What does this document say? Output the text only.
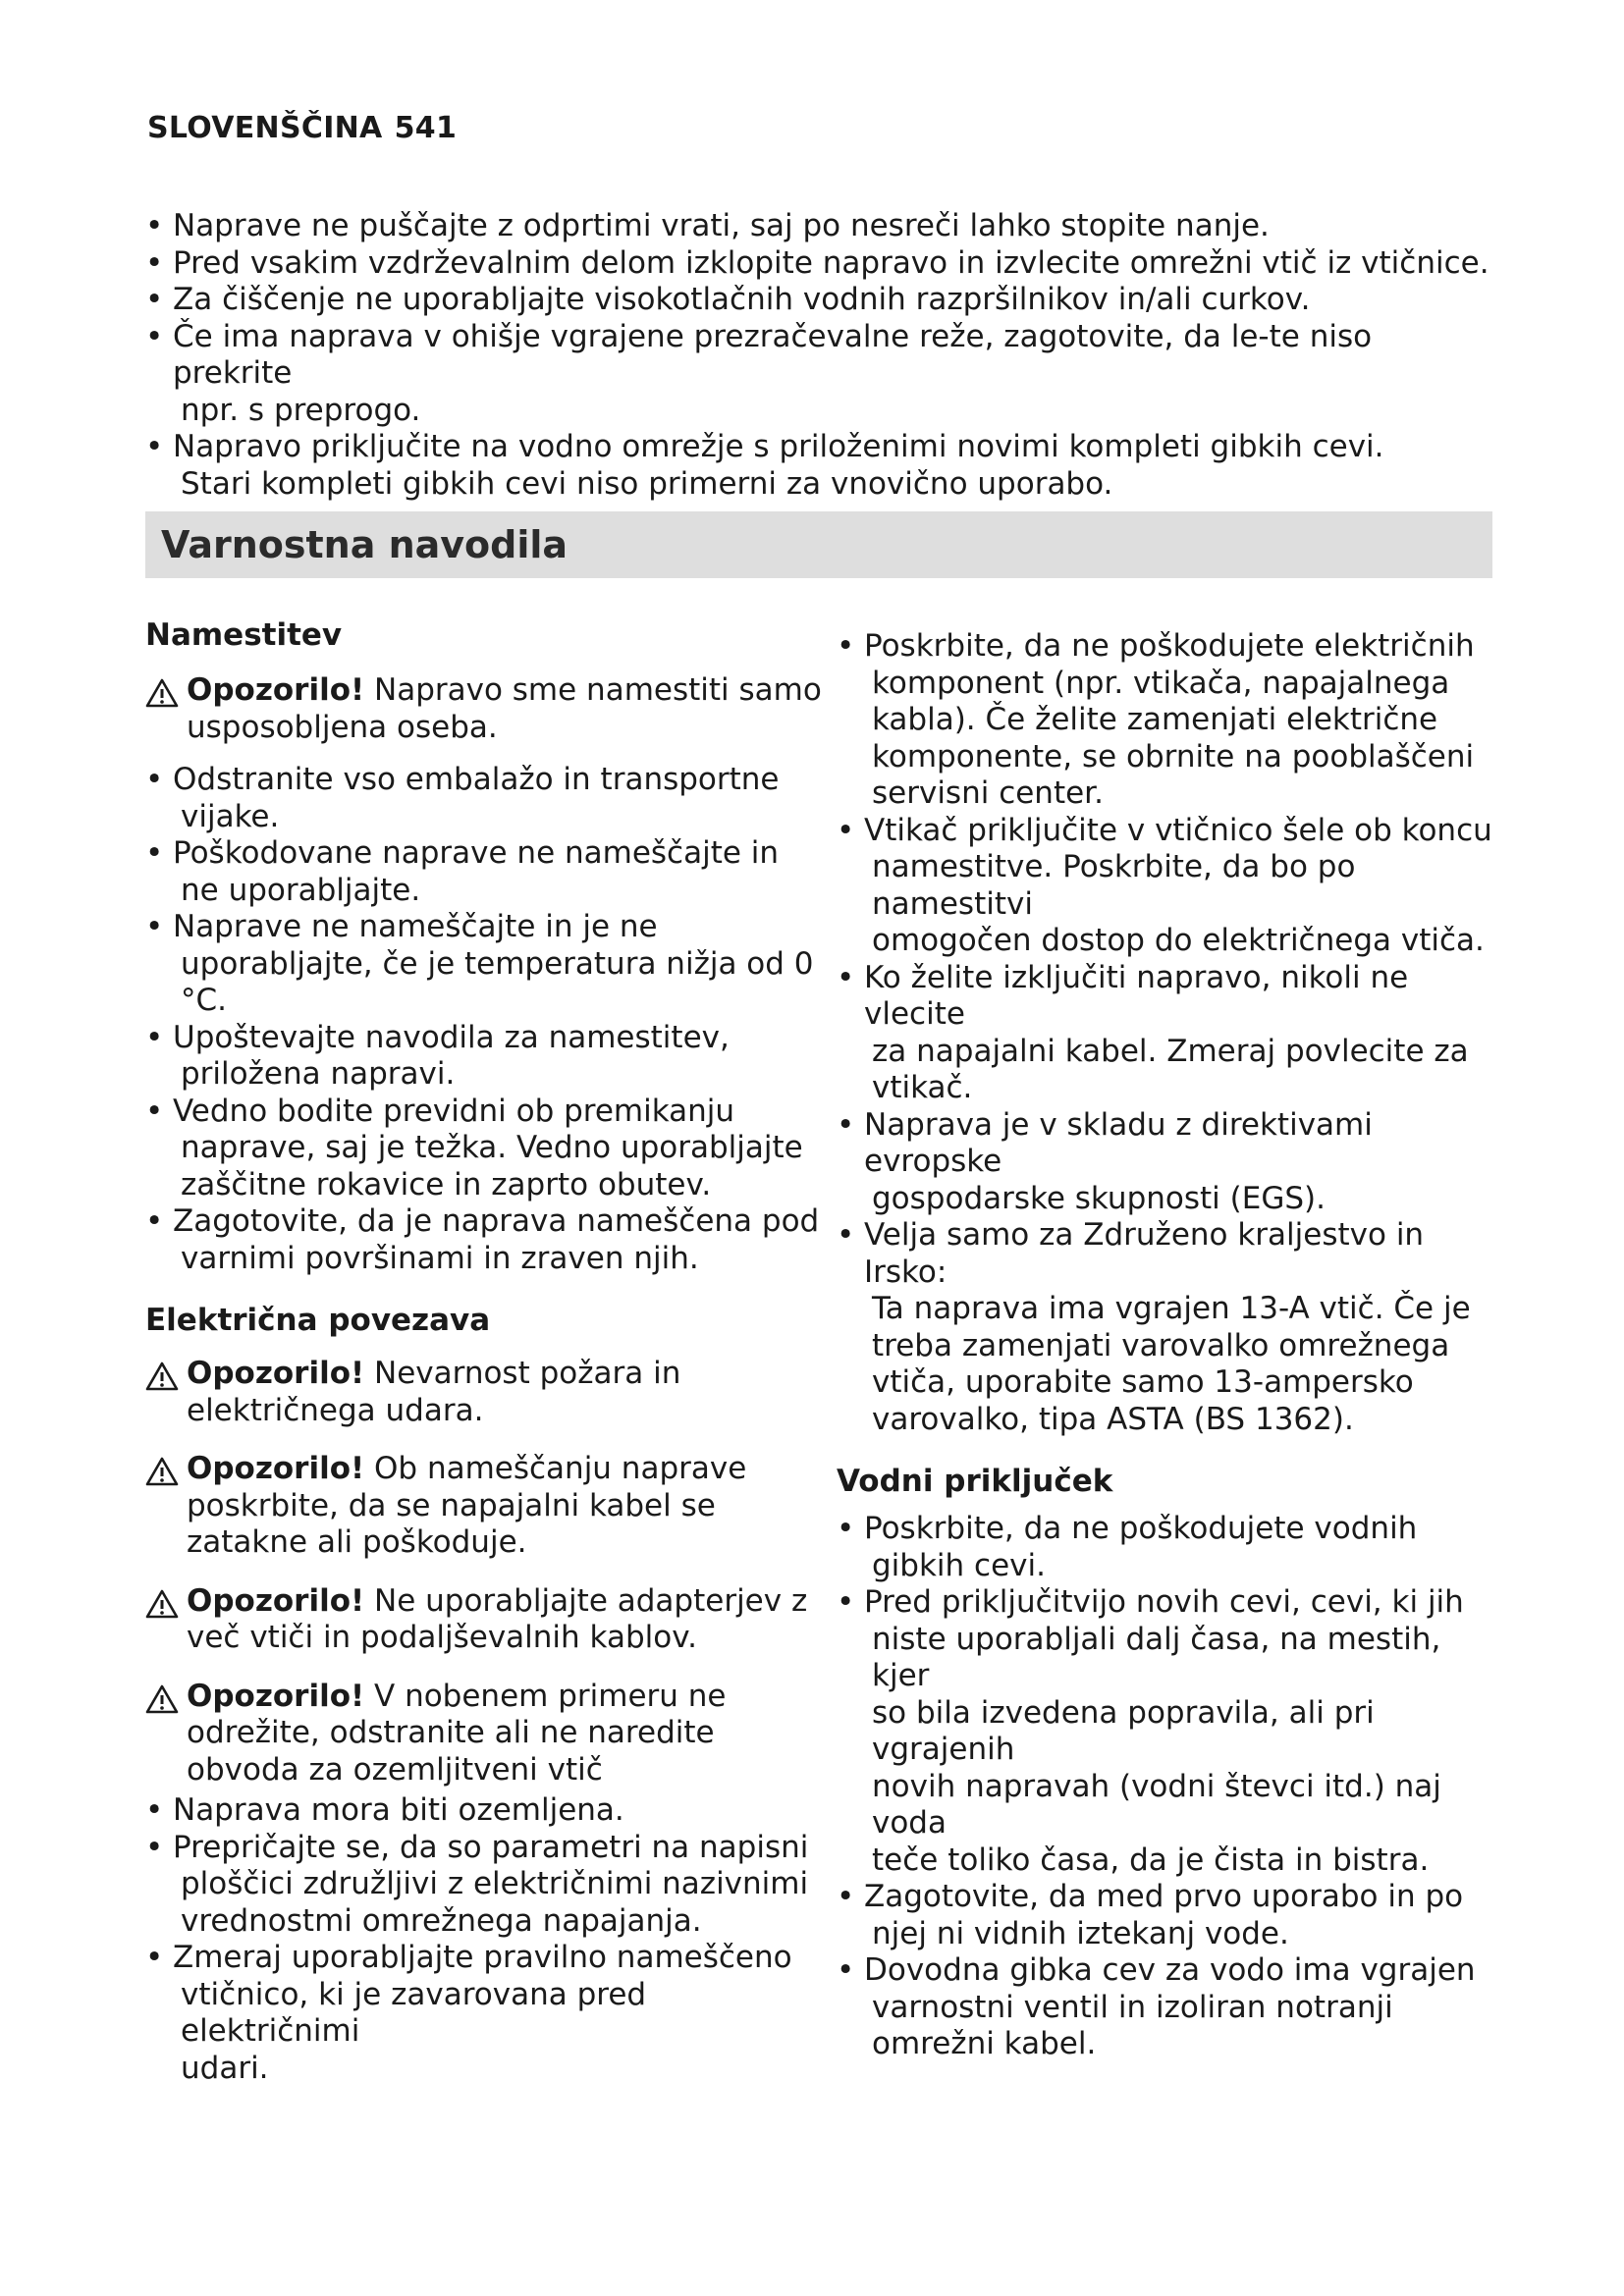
SLOVENŠČINA 541
• Naprave ne puščajte z odprtimi vrati, saj po nesreči lahko stopite nanje.
• Pred vsakim vzdrževalnim delom izklopite napravo in izvlecite omrežni vtič iz vtičnice.
• Za čiščenje ne uporabljajte visokotlačnih vodnih razpršilnikov in/ali curkov.
• Če ima naprava v ohišje vgrajene prezračevalne reže, zagotovite, da le-te niso prekrite
npr. s preprogo.
• Napravo priključite na vodno omrežje s priloženimi novimi kompleti gibkih cevi.
Stari kompleti gibkih cevi niso primerni za vnovično uporabo.
Varnostna navodila
Namestitev
Opozorilo! Napravo sme namestiti samo
usposobljena oseba.
• Odstranite vso embalažo in transportne
vijake.
• Poškodovane naprave ne nameščajte in
ne uporabljajte.
• Naprave ne nameščajte in je ne
uporabljajte, če je temperatura nižja od 0 °C.
• Upoštevajte navodila za namestitev,
priložena napravi.
• Vedno bodite previdni ob premikanju
naprave, saj je težka. Vedno uporabljajte
zaščitne rokavice in zaprto obutev.
• Zagotovite, da je naprava nameščena pod
varnimi površinami in zraven njih.
Električna povezava
Opozorilo! Nevarnost požara in
električnega udara.
Opozorilo! Ob nameščanju naprave
poskrbite, da se napajalni kabel se
zatakne ali poškoduje.
Opozorilo! Ne uporabljajte adapterjev z
več vtiči in podaljševalnih kablov.
Opozorilo! V nobenem primeru ne
odrežite, odstranite ali ne naredite
obvoda za ozemljitveni vtič
• Naprava mora biti ozemljena.
• Prepričajte se, da so parametri na napisni
ploščici združljivi z električnimi nazivnimi
vrednostmi omrežnega napajanja.
• Zmeraj uporabljajte pravilno nameščeno
vtičnico, ki je zavarovana pred električnimi
udari.
• Poskrbite, da ne poškodujete električnih
komponent (npr. vtikača, napajalnega
kabla). Če želite zamenjati električne
komponente, se obrnite na pooblaščeni
servisni center.
• Vtikač priključite v vtičnico šele ob koncu
namestitve. Poskrbite, da bo po namestitvi
omogočen dostop do električnega vtiča.
• Ko želite izključiti napravo, nikoli ne vlecite
za napajalni kabel. Zmeraj povlecite za
vtikač.
• Naprava je v skladu z direktivami evropske
gospodarske skupnosti (EGS).
• Velja samo za Združeno kraljestvo in Irsko:
Ta naprava ima vgrajen 13-A vtič. Če je
treba zamenjati varovalko omrežnega
vtiča, uporabite samo 13-ampersko
varovalko, tipa ASTA (BS 1362).
Vodni priključek
• Poskrbite, da ne poškodujete vodnih
gibkih cevi.
• Pred priključitvijo novih cevi, cevi, ki jih
niste uporabljali dalj časa, na mestih, kjer
so bila izvedena popravila, ali pri vgrajenih
novih napravah (vodni števci itd.) naj voda
teče toliko časa, da je čista in bistra.
• Zagotovite, da med prvo uporabo in po
njej ni vidnih iztekanj vode.
• Dovodna gibka cev za vodo ima vgrajen
varnostni ventil in izoliran notranji
omrežni kabel.
